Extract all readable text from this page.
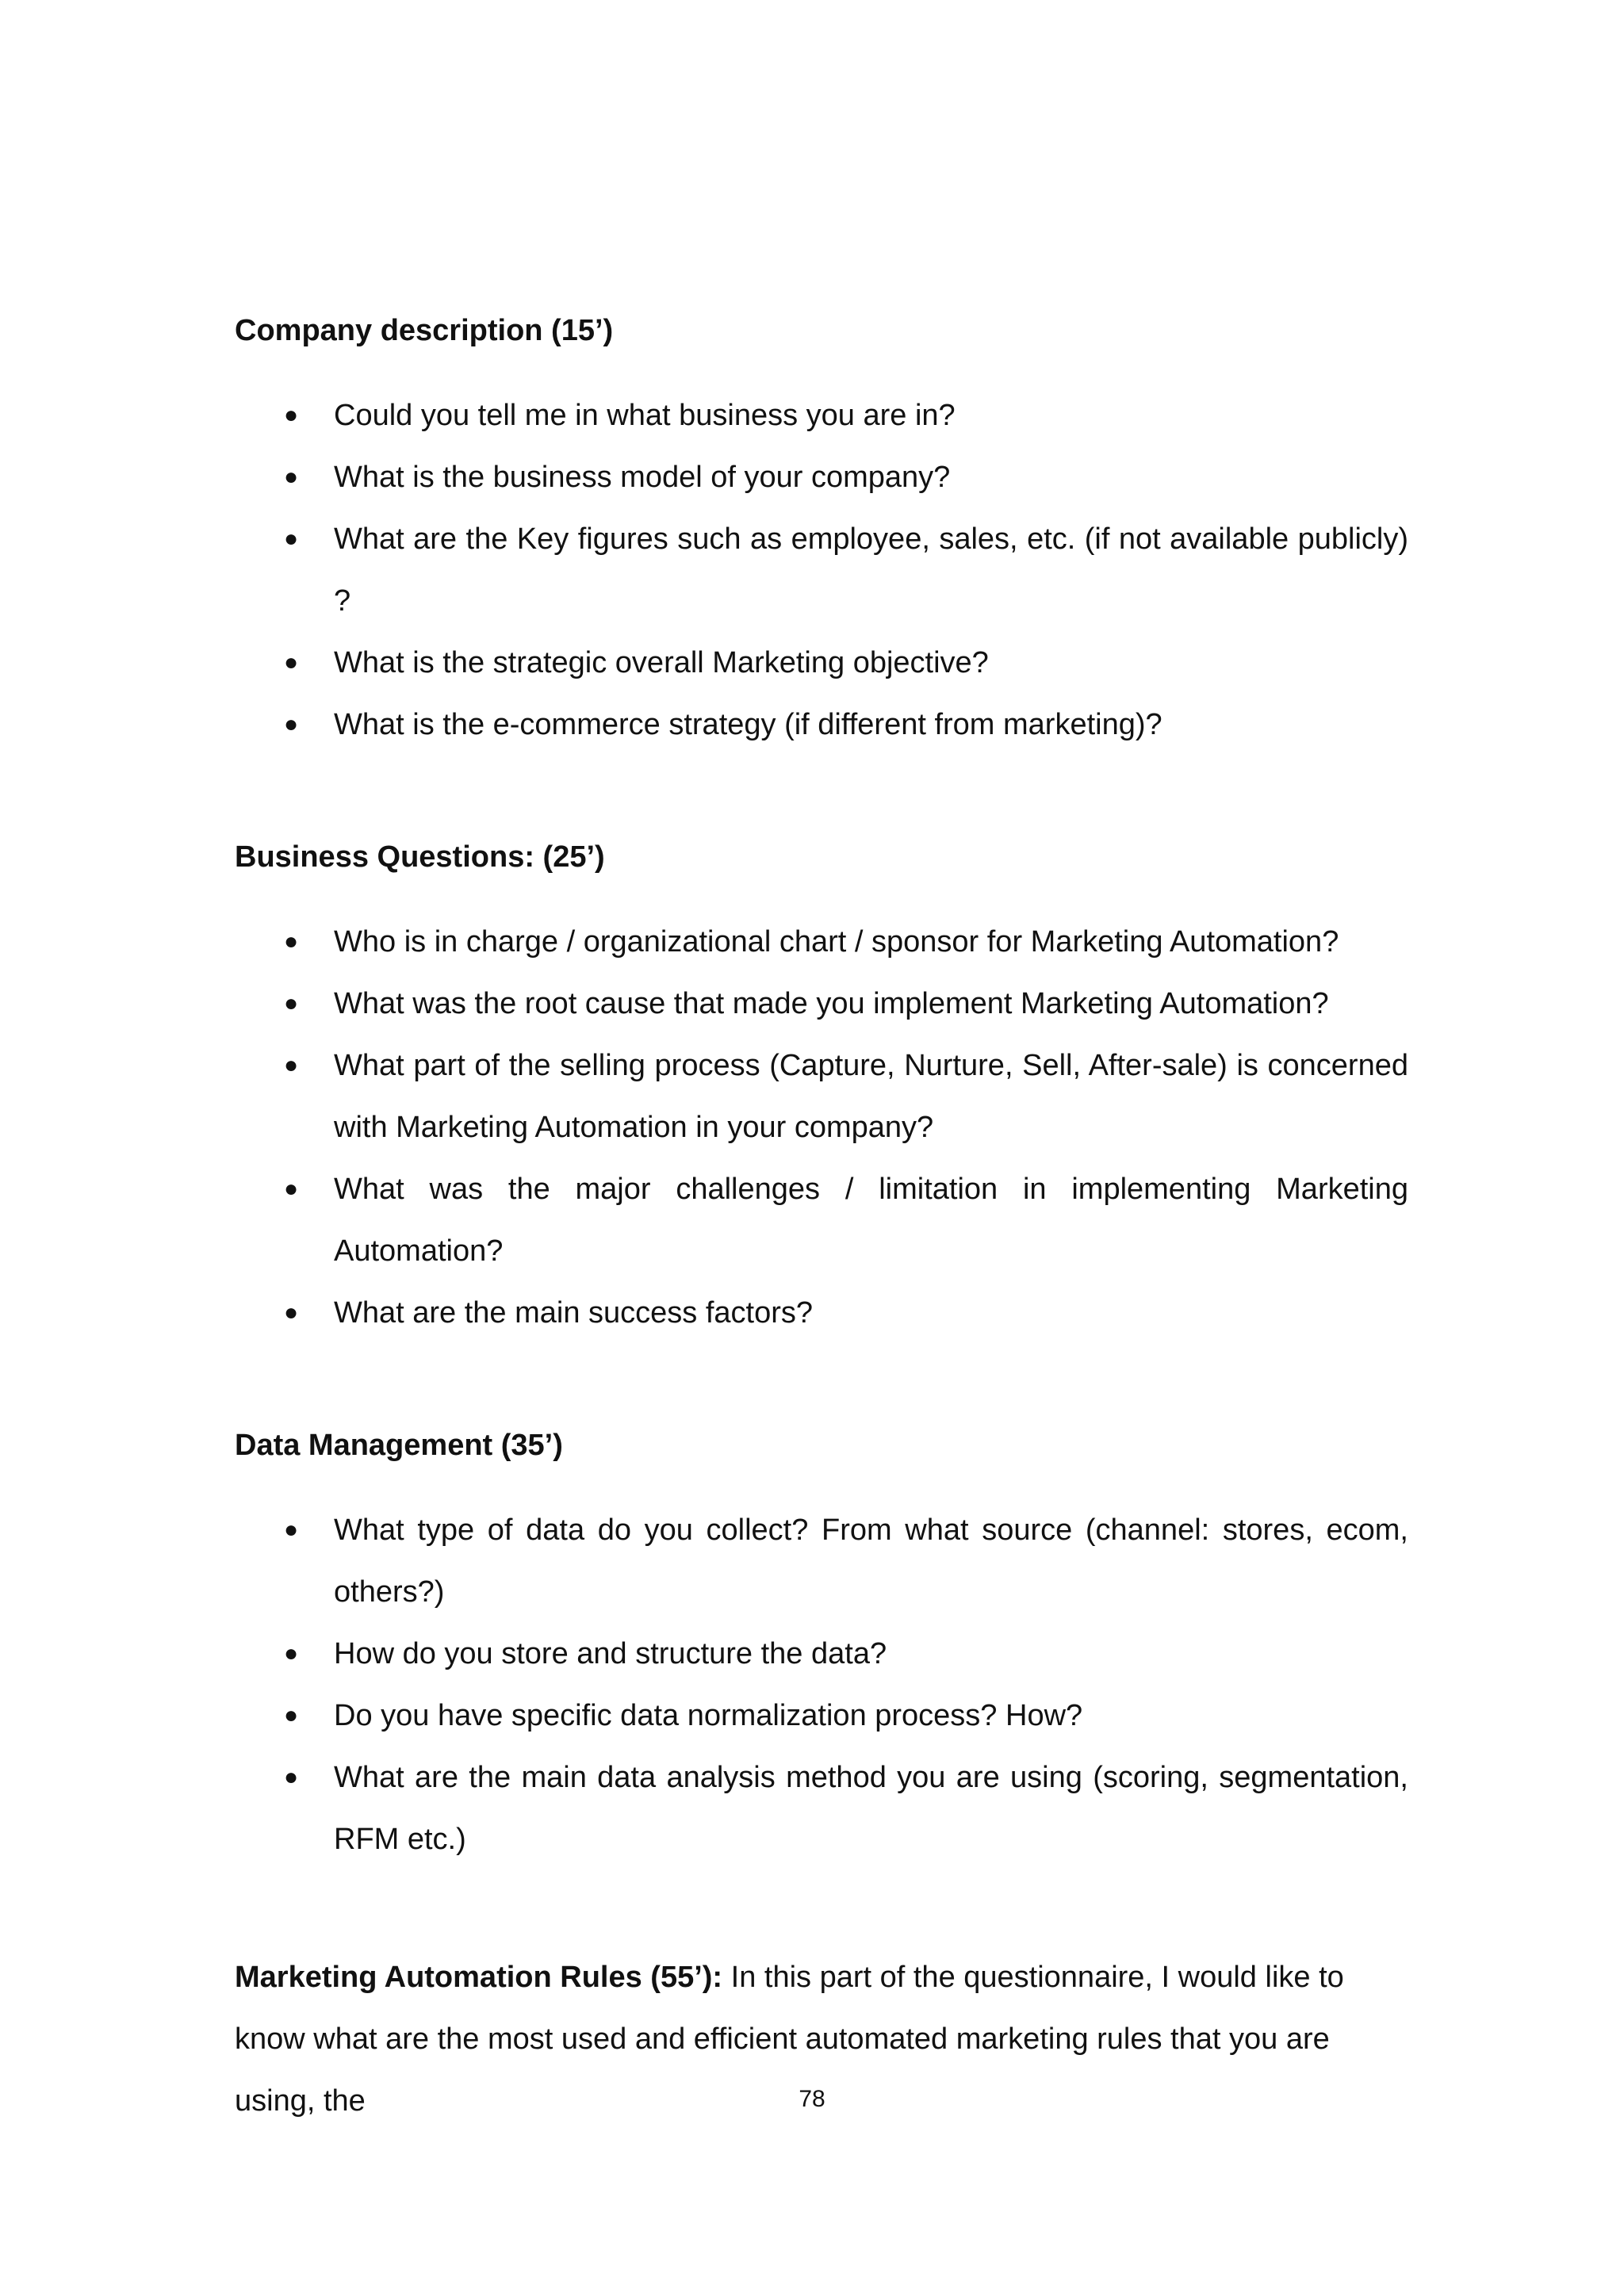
Company description (15’)

● Could you tell me in what business you are in?
● What is the business model of your company?
● What are the Key figures such as employee, sales, etc. (if not available publicly) ?
● What is the strategic overall Marketing objective?
● What is the e-commerce strategy (if different from marketing)?

Business Questions: (25’)

● Who is in charge / organizational chart / sponsor for Marketing Automation?
● What was the root cause that made you implement Marketing Automation?
● What part of the selling process (Capture, Nurture, Sell, After-sale) is concerned with Marketing Automation in your company?
● What was the major challenges / limitation in implementing Marketing Automation?
● What are the main success factors?

Data Management (35’)

● What type of data do you collect? From what source (channel: stores, ecom, others?)
● How do you store and structure the data?
● Do you have specific data normalization process? How?
● What are the main data analysis method you are using (scoring, segmentation, RFM etc.)

Marketing Automation Rules (55’): In this part of the questionnaire, I would like to know what are the most used and efficient automated marketing rules that you are using, the	78
